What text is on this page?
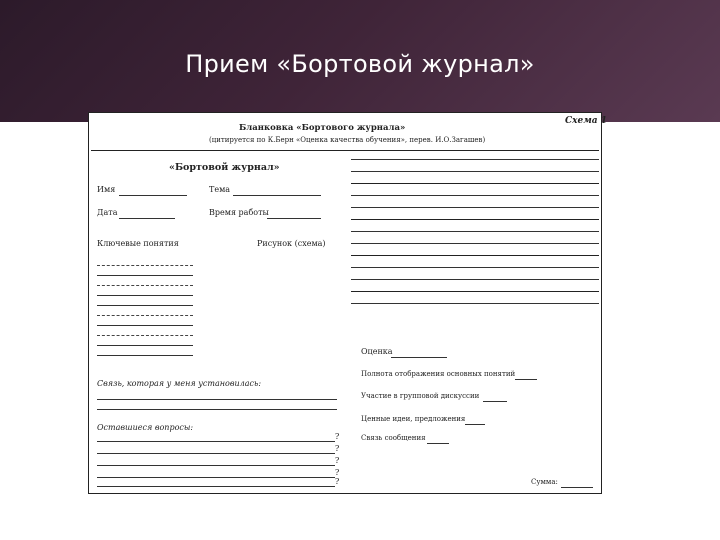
Прием «Бортовой журнал»
Схема 1
Бланковка «Бортового журнала»
(цитируется по К.Берн «Оценка качества обучения», перев. И.О.Загашев)
«Бортовой журнал»
Имя	Тема
Дата	Время работы
Ключевые понятия	Рисунок (схема)
Связь, которая у меня установилась:
Оставшиеся вопросы:
?
?
?
?
?
Оценка
Полнота отображения основных понятий
Участие в групповой дискуссии
Ценные идеи, предложения
Связь сообщения
Сумма:
